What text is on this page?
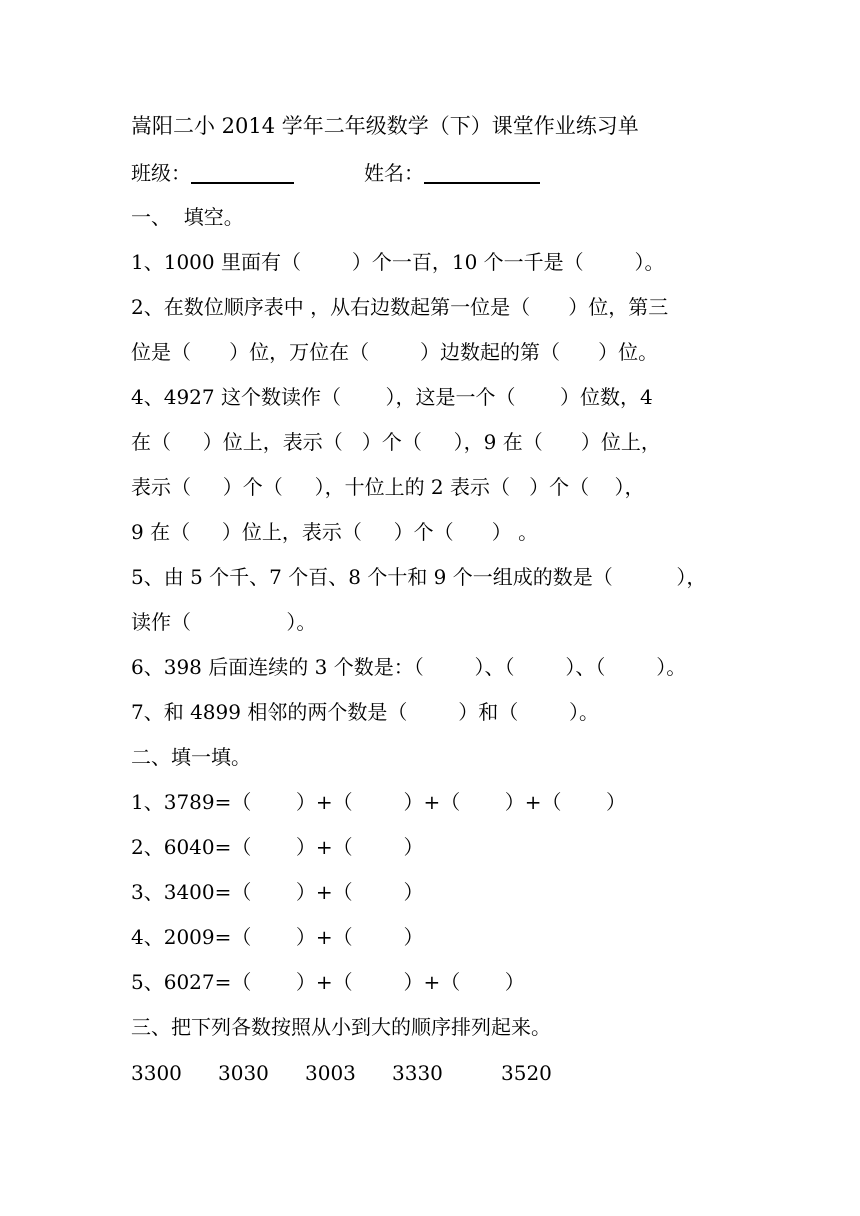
嵩阳二小 2014 学年二年级数学（下）课堂作业练习单
班级：	姓名：
一、  填空。
1、1000 里面有（        ）个一百，10 个一千是（        ）。
2、在数位顺序表中 ，从右边数起第一位是（      ）位，第三
位是（      ）位，万位在（        ）边数起的第（      ）位。
4、4927 这个数读作（       ），这是一个（       ）位数，4
在（     ）位上，表示（   ）个（     ），9 在（      ）位上，
表示（     ）个（     ），十位上的 2 表示（   ）个（    ），
9 在（     ）位上，表示（     ）个（      ） 。
5、由 5 个千、7 个百、8 个十和 9 个一组成的数是（          ），
读作（               ）。
6、398 后面连续的 3 个数是：（        ）、（        ）、（        ）。
7、和 4899 相邻的两个数是（        ）和（        ）。
二、填一填。
1、3789=（       ）+（        ）+（       ）+（       ）
2、6040=（       ）+（        ）
3、3400=（       ）+（        ）
4、2009=（       ）+（        ）
5、6027=（       ）+（        ）+（       ）
三、把下列各数按照从小到大的顺序排列起来。
3300 3030 3003 3330	3520
